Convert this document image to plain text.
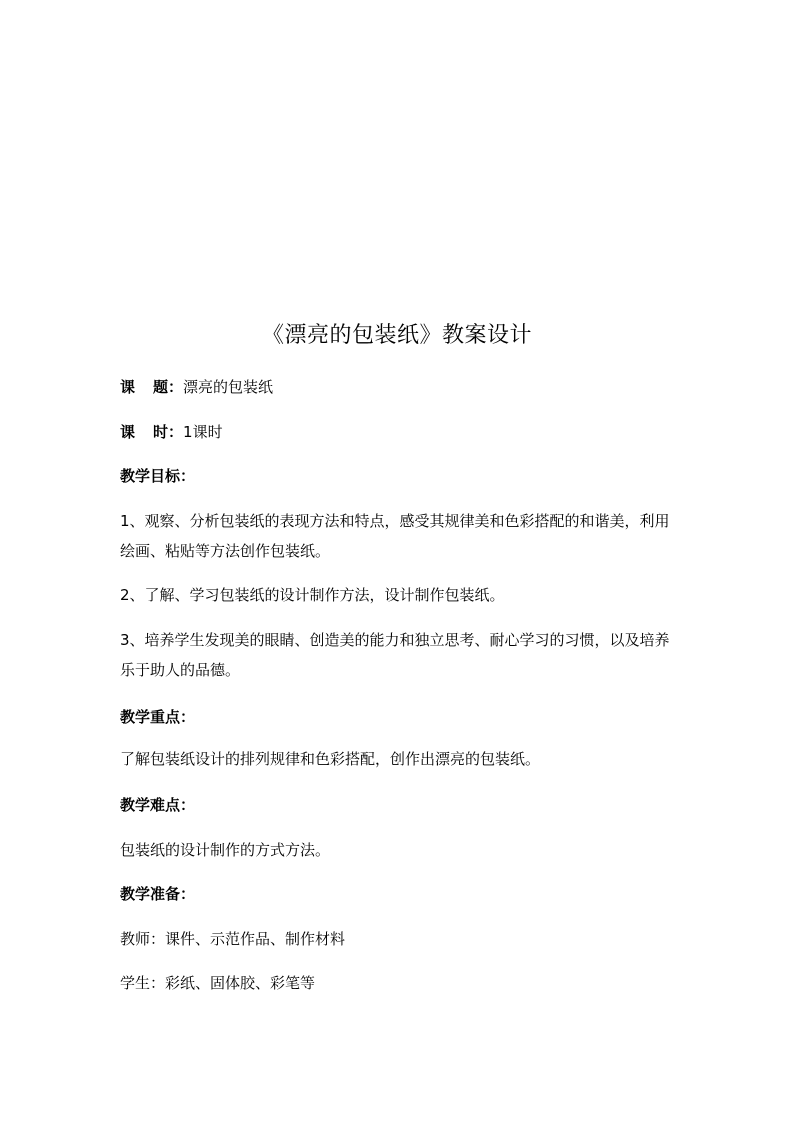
《漂亮的包装纸》教案设计
课 题：漂亮的包装纸
课 时：1课时
教学目标：
1、观察、分析包装纸的表现方法和特点，感受其规律美和色彩搭配的和谐美，利用绘画、粘贴等方法创作包装纸。
2、了解、学习包装纸的设计制作方法，设计制作包装纸。
3、培养学生发现美的眼睛、创造美的能力和独立思考、耐心学习的习惯，以及培养乐于助人的品德。
教学重点：
了解包装纸设计的排列规律和色彩搭配，创作出漂亮的包装纸。
教学难点：
包装纸的设计制作的方式方法。
教学准备：
教师：课件、示范作品、制作材料
学生：彩纸、固体胶、彩笔等
